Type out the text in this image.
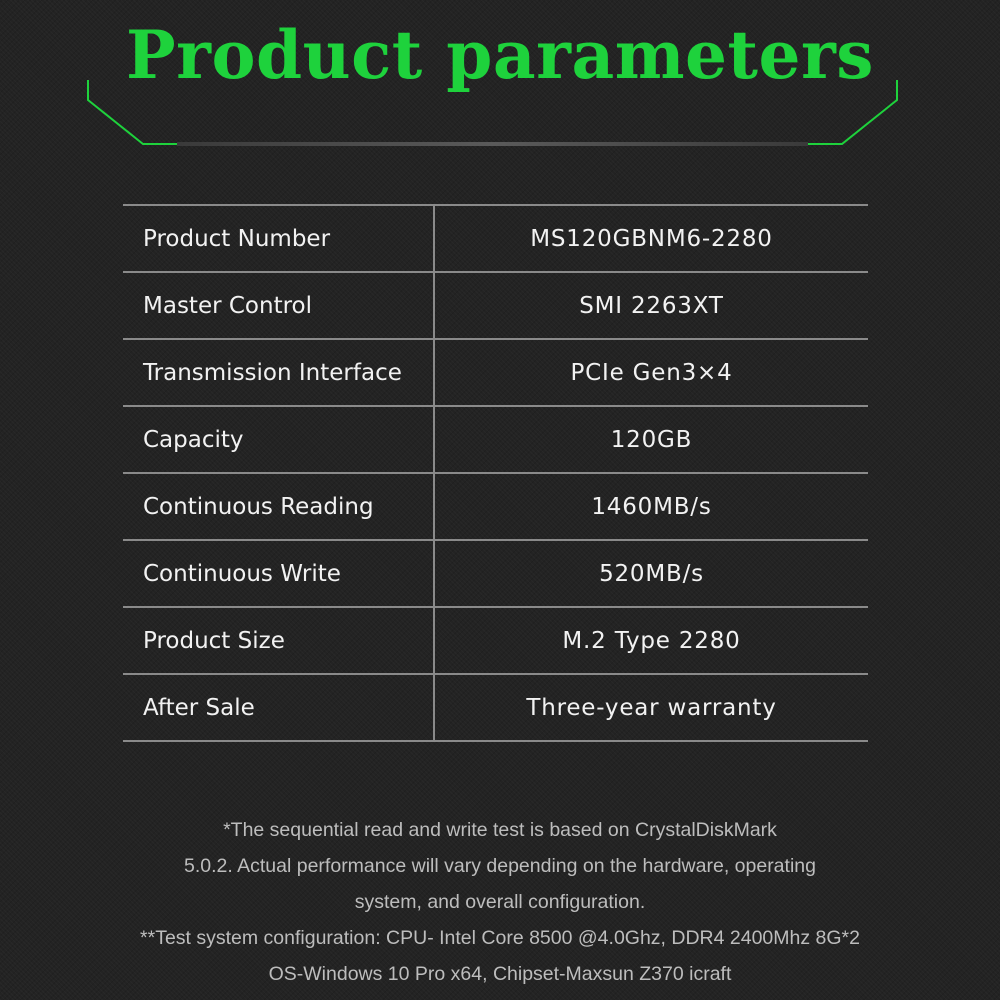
Product parameters
Product Number	MS120GBNM6-2280
Master Control	SMI 2263XT
Transmission Interface	PCIe Gen3×4
Capacity	120GB
Continuous Reading	1460MB/s
Continuous Write	520MB/s
Product Size	M.2 Type 2280
After Sale	Three-year warranty

*The sequential read and write test is based on CrystalDiskMark

5.0.2. Actual performance will vary depending on the hardware, operating

system, and overall configuration.

**Test system configuration: CPU- Intel Core 8500 @4.0Ghz, DDR4 2400Mhz 8G*2

OS-Windows 10 Pro x64, Chipset-Maxsun Z370 icraft
